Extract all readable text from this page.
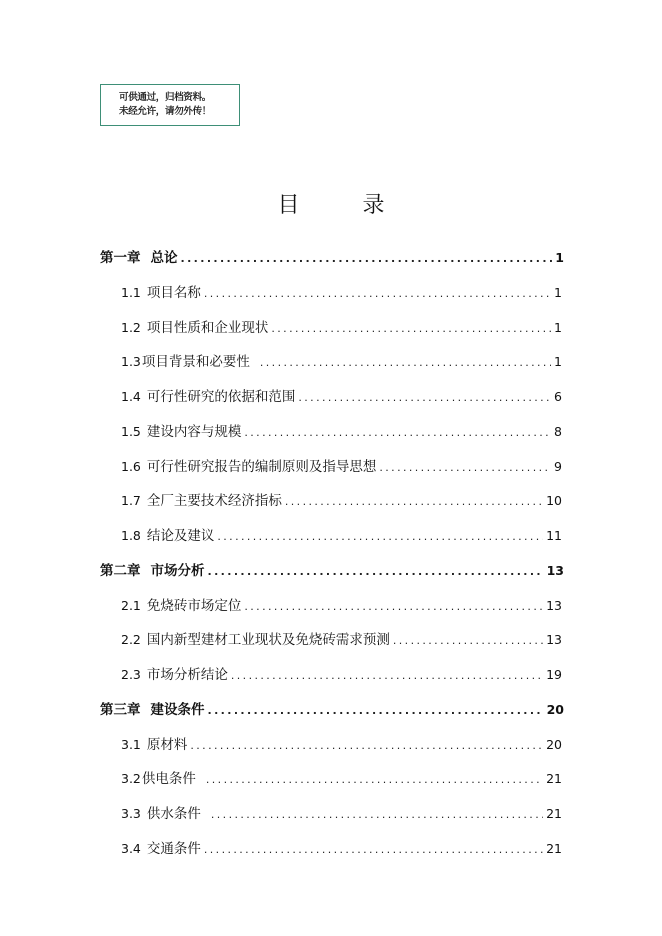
可供通过，归档资料。
未经允许，请勿外传！
目 录
第一章 总论 .....	1
1.1 项目名称 .....	1
1.2 项目性质和企业现状 .....	1
1.3 项目背景和必要性 .....	1
1.4 可行性研究的依据和范围 .....	6
1.5 建设内容与规模 .....	8
1.6 可行性研究报告的编制原则及指导思想 .....	9
1.7 全厂主要技术经济指标 .....	10
1.8 结论及建议 .....	11
第二章 市场分析 .....	13
2.1 免烧砖市场定位 .....	13
2.2 国内新型建材工业现状及免烧砖需求预测 .....	13
2.3 市场分析结论 .....	19
第三章 建设条件 .....	20
3.1 原材料 .....	20
3.2 供电条件 .....	21
3.3 供水条件 .....	21
3.4 交通条件 .....	21
